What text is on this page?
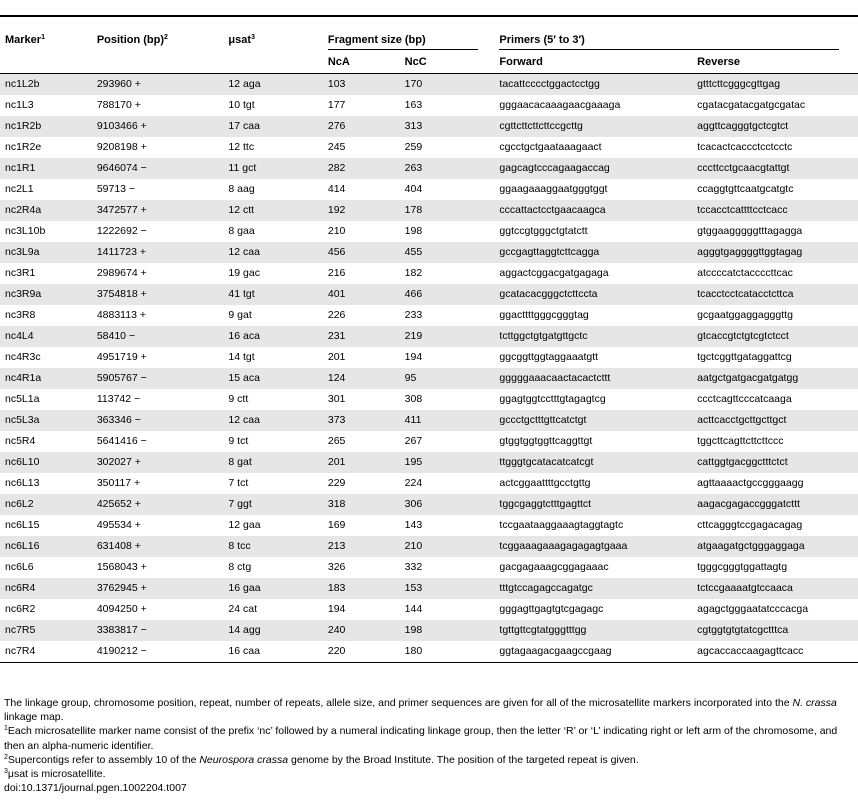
Marker$^1$	Position (bp)$^2$	μsat$^3$	Fragment size (bp)		Primers (5′ to 3′)	
			NcA	NcC	Forward	Reverse
nc1L2b	293960 +	12 aga	103	170	tacattcccctggactcctgg	gtttcttcgggcgttgag
nc1L3	788170 +	10 tgt	177	163	gggaacacaaagaacgaaaga	cgatacgatacgatgcgatac
nc1R2b	9103466 +	17 caa	276	313	cgttcttcttcttccgcttg	aggttcagggtgctcgtct
nc1R2e	9208198 +	12 ttc	245	259	cgcctgctgaataaagaact	tcacactcaccctcctcctc
nc1R1	9646074 −	11 gct	282	263	gagcagtcccagaagaccag	cccttcctgcaacgtattgt
nc2L1	59713 −	8 aag	414	404	ggaagaaaggaatgggtggt	ccaggtgttcaatgcatgtc
nc2R4a	3472577 +	12 ctt	192	178	cccattactcctgaacaagca	tccacctcattttcctcacc
nc3L10b	1222692 −	8 gaa	210	198	ggtccgtgggctgtatctt	gtggaagggggtttagagga
nc3L9a	1411723 +	12 caa	456	455	gccgagttaggtcttcagga	agggtgaggggttggtagag
nc3R1	2989674 +	19 gac	216	182	aggactcggacgatgagaga	atccccatctaccccttcac
nc3R9a	3754818 +	41 tgt	401	466	gcatacacgggctcttccta	tcacctcctcatacctcttca
nc3R8	4883113 +	9 gat	226	233	ggacttttgggcgggtag	gcgaatggaggagggttg
nc4L4	58410 −	16 aca	231	219	tcttggctgtgatgttgctc	gtcaccgtctgtcgtctcct
nc4R3c	4951719 +	14 tgt	201	194	ggcggttggtaggaaatgtt	tgctcggttgataggattcg
nc4R1a	5905767 −	15 aca	124	95	gggggaaacaactacactcttt	aatgctgatgacgatgatgg
nc5L1a	113742 −	9 ctt	301	308	ggagtggtcctttgtagagtcg	ccctcagttcccatcaaga
nc5L3a	363346 −	12 caa	373	411	gccctgctttgttcatctgt	acttcacctgcttgcttgct
nc5R4	5641416 −	9 tct	265	267	gtggtggtggttcaggttgt	tggcttcagttcttcttccc
nc6L10	302027 +	8 gat	201	195	ttgggtgcatacatcatcgt	cattggtgacggctttctct
nc6L13	350117 +	7 tct	229	224	actcggaattttgcctgttg	agttaaaactgccgggaagg
nc6L2	425652 +	7 ggt	318	306	tggcgaggtctttgagttct	aagacgagaccgggatcttt
nc6L15	495534 +	12 gaa	169	143	tccgaataaggaaagtaggtagtc	cttcagggtccgagacagag
nc6L16	631408 +	8 tcc	213	210	tcggaaagaaagagagagtgaaa	atgaagatgctgggaggaga
nc6L6	1568043 +	8 ctg	326	332	gacgagaaagcggagaaac	tgggcgggtggattagtg
nc6R4	3762945 +	16 gaa	183	153	tttgtccagagccagatgc	tctccgaaaatgtccaaca
nc6R2	4094250 +	24 cat	194	144	gggagttgagtgtcgagagc	agagctgggaatatcccacga
nc7R5	3383817 −	14 agg	240	198	tgttgttcgtatgggtttgg	cgtggtgtgtatcgctttca
nc7R4	4190212 −	16 caa	220	180	ggtagaagacgaagccgaag	agcaccaccaagagttcacc

The linkage group, chromosome position, repeat, number of repeats, allele size, and primer sequences are given for all of the microsatellite markers incorporated into the N. crassa linkage map.

$^1$Each microsatellite marker name consist of the prefix ‘nc’ followed by a numeral indicating linkage group, then the letter ‘R’ or ‘L’ indicating right or left arm of the chromosome, and then an alpha-numeric identifier.

$^2$Supercontigs refer to assembly 10 of the Neurospora crassa genome by the Broad Institute. The position of the targeted repeat is given.

$^3$μsat is microsatellite.

doi:10.1371/journal.pgen.1002204.t007
